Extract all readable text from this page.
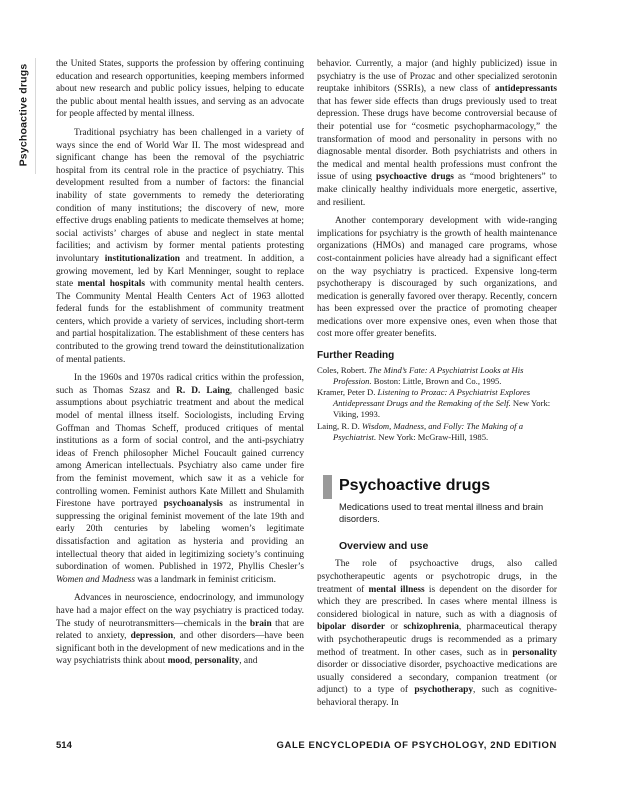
Psychoactive drugs	the United States, supports the profession by offering continuing education and research opportunities, keeping members informed about new research and public policy issues, helping to educate the public about mental health issues, and serving as an advocate for people affected by mental illness.

Traditional psychiatry has been challenged in a variety of ways since the end of World War II. The most widespread and significant change has been the removal of the psychiatric hospital from its central role in the practice of psychiatry. This development resulted from a number of factors: the financial inability of state governments to remedy the deteriorating condition of many institutions; the discovery of new, more effective drugs enabling patients to medicate themselves at home; social activists’ charges of abuse and neglect in state mental facilities; and activism by former mental patients protesting involuntary institutionalization and treatment. In addition, a growing movement, led by Karl Menninger, sought to replace state mental hospitals with community mental health centers. The Community Mental Health Centers Act of 1963 allotted federal funds for the establishment of community treatment centers, which provide a variety of services, including short-term and partial hospitalization. The establishment of these centers has contributed to the growing trend toward the deinstitutionalization of mental patients.

In the 1960s and 1970s radical critics within the profession, such as Thomas Szasz and R. D. Laing, challenged basic assumptions about psychiatric treatment and about the medical model of mental illness itself. Sociologists, including Erving Goffman and Thomas Scheff, produced critiques of mental institutions as a form of social control, and the anti-psychiatry ideas of French philosopher Michel Foucault gained currency among American intellectuals. Psychiatry also came under fire from the feminist movement, which saw it as a vehicle for controlling women. Feminist authors Kate Millett and Shulamith Firestone have portrayed psychoanalysis as instrumental in suppressing the original feminist movement of the late 19th and early 20th centuries by labeling women’s legitimate dissatisfaction and agitation as hysteria and providing an intellectual theory that aided in legitimizing society’s continuing subordination of women. Published in 1972, Phyllis Chesler’s Women and Madness was a landmark in feminist criticism.

Advances in neuroscience, endocrinology, and immunology have had a major effect on the way psychiatry is practiced today. The study of neurotransmitters—chemicals in the brain that are related to anxiety, depression, and other disorders—have been significant both in the development of new medications and in the way psychiatrists think about mood, personality, and

behavior. Currently, a major (and highly publicized) issue in psychiatry is the use of Prozac and other specialized serotonin reuptake inhibitors (SSRIs), a new class of antidepressants that has fewer side effects than drugs previously used to treat depression. These drugs have become controversial because of their potential use for “cosmetic psychopharmacology,” the transformation of mood and personality in persons with no diagnosable mental disorder. Both psychiatrists and others in the medical and mental health professions must confront the issue of using psychoactive drugs as “mood brighteners” to make clinically healthy individuals more energetic, assertive, and resilient.

Another contemporary development with wide-ranging implications for psychiatry is the growth of health maintenance organizations (HMOs) and managed care programs, whose cost-containment policies have already had a significant effect on the way psychiatry is practiced. Expensive long-term psychotherapy is discouraged by such organizations, and medication is generally favored over therapy. Recently, concern has been expressed over the practice of promoting cheaper medications over more expensive ones, even when those that cost more offer greater benefits.

Further Reading

Coles, Robert. The Mind’s Fate: A Psychiatrist Looks at His Profession. Boston: Little, Brown and Co., 1995.

Kramer, Peter D. Listening to Prozac: A Psychiatrist Explores Antidepressant Drugs and the Remaking of the Self. New York: Viking, 1993.

Laing, R. D. Wisdom, Madness, and Folly: The Making of a Psychiatrist. New York: McGraw-Hill, 1985.

Psychoactive drugs
Medications used to treat mental illness and brain disorders.
Overview and use

The role of psychoactive drugs, also called psychotherapeutic agents or psychotropic drugs, in the treatment of mental illness is dependent on the disorder for which they are prescribed. In cases where mental illness is considered biological in nature, such as with a diagnosis of bipolar disorder or schizophrenia, pharmaceutical therapy with psychotherapeutic drugs is recommended as a primary method of treatment. In other cases, such as in personality disorder or dissociative disorder, psychoactive medications are usually considered a secondary, companion treatment (or adjunct) to a type of psychotherapy, such as cognitive-behavioral therapy. In

514	GALE ENCYCLOPEDIA OF PSYCHOLOGY, 2ND EDITION
